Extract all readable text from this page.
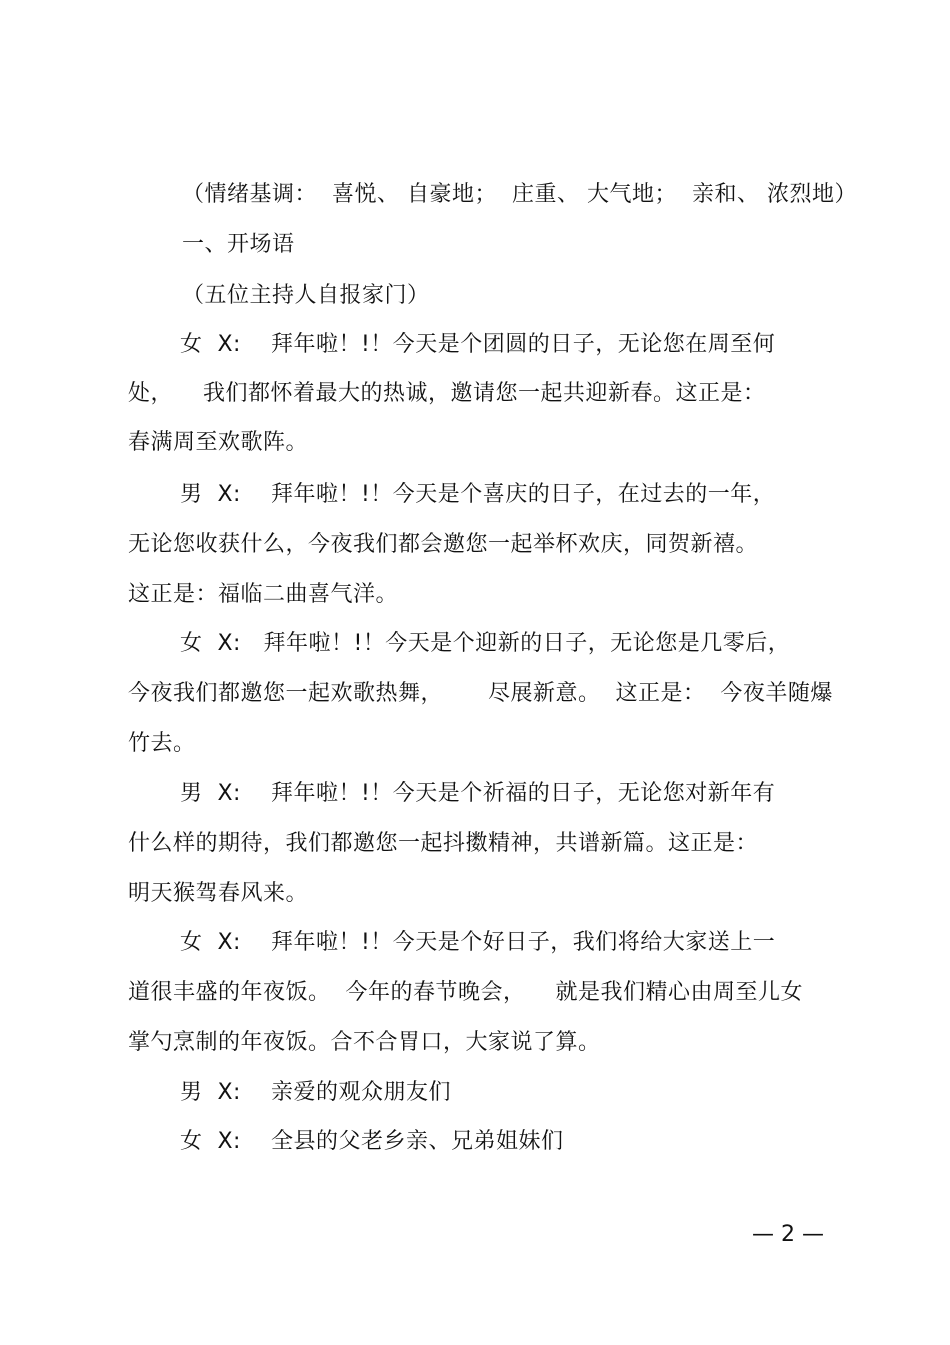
（情绪基调：  喜悦、 自豪地；  庄重、 大气地；  亲和、 浓烈地）
一、开场语
（五位主持人自报家门）
女  X:    拜年啦！!！今天是个团圆的日子，无论您在周至何
处，    我们都怀着最大的热诚，邀请您一起共迎新春。这正是：
春满周至欢歌阵。
男  X:    拜年啦！!！今天是个喜庆的日子，在过去的一年，
无论您收获什么，今夜我们都会邀您一起举杯欢庆，同贺新禧。
这正是：福临二曲喜气洋。
女  X:   拜年啦！!！今天是个迎新的日子，无论您是几零后，
今夜我们都邀您一起欢歌热舞，      尽展新意。  这正是：  今夜羊随爆
竹去。
男  X:    拜年啦！!！今天是个祈福的日子，无论您对新年有
什么样的期待，我们都邀您一起抖擞精神，共谱新篇。这正是：
明天猴驾春风来。
女  X:    拜年啦！!！今天是个好日子，我们将给大家送上一
道很丰盛的年夜饭。  今年的春节晚会，    就是我们精心由周至儿女
掌勺烹制的年夜饭。合不合胃口，大家说了算。
男  X:    亲爱的观众朋友们
女  X:    全县的父老乡亲、兄弟姐妹们
— 2 —
